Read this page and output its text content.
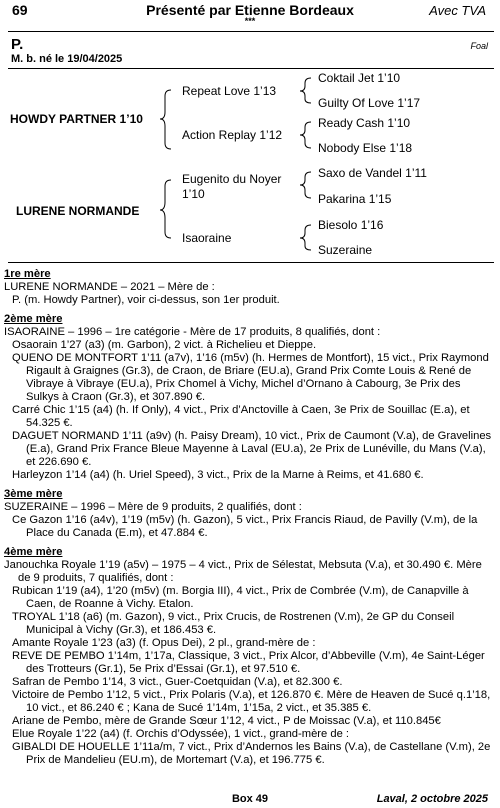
69	Présenté par Etienne Bordeaux	Avec TVA
***
P.	Foal
M. b. né le 19/04/2025
HOWDY PARTNER 1’10
LURENE NORMANDE
Repeat Love 1’13
Action Replay 1’12
Eugenito du Noyer
1’10
Isaoraine
Coktail Jet 1’10
Guilty Of Love 1’17
Ready Cash 1’10
Nobody Else 1’18
Saxo de Vandel 1’11
Pakarina 1’15
Biesolo 1’16
Suzeraine

1re mère

LURENE NORMANDE – 2021 – Mère de :

P. (m. Howdy Partner), voir ci-dessus, son 1er produit.

2ème mère

ISAORAINE – 1996 – 1re catégorie - Mère de 17 produits, 8 qualifiés, dont :

Osaorain 1’27 (a3) (m. Garbon), 2 vict. à Richelieu et Dieppe.

QUENO DE MONTFORT 1’11 (a7v), 1’16 (m5v) (h. Hermes de Montfort), 15 vict., Prix Raymond Rigault à Graignes (Gr.3), de Craon, de Briare (EU.a), Grand Prix Comte Louis & René de Vibraye à Vibraye (EU.a), Prix Chomel à Vichy, Michel d’Ornano à Cabourg, 3e Prix des Sulkys à Craon (Gr.3), et 307.890 €.

Carré Chic 1’15 (a4) (h. If Only), 4 vict., Prix d’Anctoville à Caen, 3e Prix de Souillac (E.a), et 54.325 €.

DAGUET NORMAND 1’11 (a9v) (h. Paisy Dream), 10 vict., Prix de Caumont (V.a), de Gravelines (E.a), Grand Prix France Bleue Mayenne à Laval (EU.a), 2e Prix de Lunéville, du Mans (V.a), et 226.690 €.

Harleyzon 1’14 (a4) (h. Uriel Speed), 3 vict., Prix de la Marne à Reims, et 41.680 €.

3ème mère

SUZERAINE – 1996 – Mère de 9 produits, 2 qualifiés, dont :

Ce Gazon 1’16 (a4v), 1’19 (m5v) (h. Gazon), 5 vict., Prix Francis Riaud, de Pavilly (V.m), de la Place du Canada (E.m), et 47.884 €.

4ème mère

Janouchka Royale 1’19 (a5v) – 1975 – 4 vict., Prix de Sélestat, Mebsuta (V.a), et 30.490 €. Mère de 9 produits, 7 qualifiés, dont :

Rubican 1’19 (a4), 1’20 (m5v) (m. Borgia III), 4 vict., Prix de Combrée (V.m), de Canapville à Caen, de Roanne à Vichy. Etalon.

TROYAL 1’18 (a6) (m. Gazon), 9 vict., Prix Crucis, de Rostrenen (V.m), 2e GP du Conseil Municipal à Vichy (Gr.3), et 186.453 €.

Amante Royale 1’23 (a3) (f. Opus Dei), 2 pl., grand-mère de :

REVE DE PEMBO 1’14m, 1’17a, Classique, 3 vict., Prix Alcor, d’Abbeville (V.m), 4e Saint-Léger des Trotteurs (Gr.1), 5e Prix d’Essai (Gr.1), et 97.510 €.

Safran de Pembo 1’14, 3 vict., Guer-Coetquidan (V.a), et 82.300 €.

Victoire de Pembo 1’12, 5 vict., Prix Polaris (V.a), et 126.870 €. Mère de Heaven de Sucé q.1’18, 10 vict., et 86.240 € ; Kana de Sucé 1’14m, 1’15a, 2 vict., et 35.385 €.

Ariane de Pembo, mère de Grande Sœur 1’12, 4 vict., P de Moissac (V.a), et 110.845€

Elue Royale 1’22 (a4) (f. Orchis d’Odyssée), 1 vict., grand-mère de :

GIBALDI DE HOUELLE 1’11a/m, 7 vict., Prix d’Andernos les Bains (V.a), de Castellane (V.m), 2e Prix de Mandelieu (EU.m), de Mortemart (V.a), et 196.775 €.

Box 49	Laval, 2 octobre 2025
